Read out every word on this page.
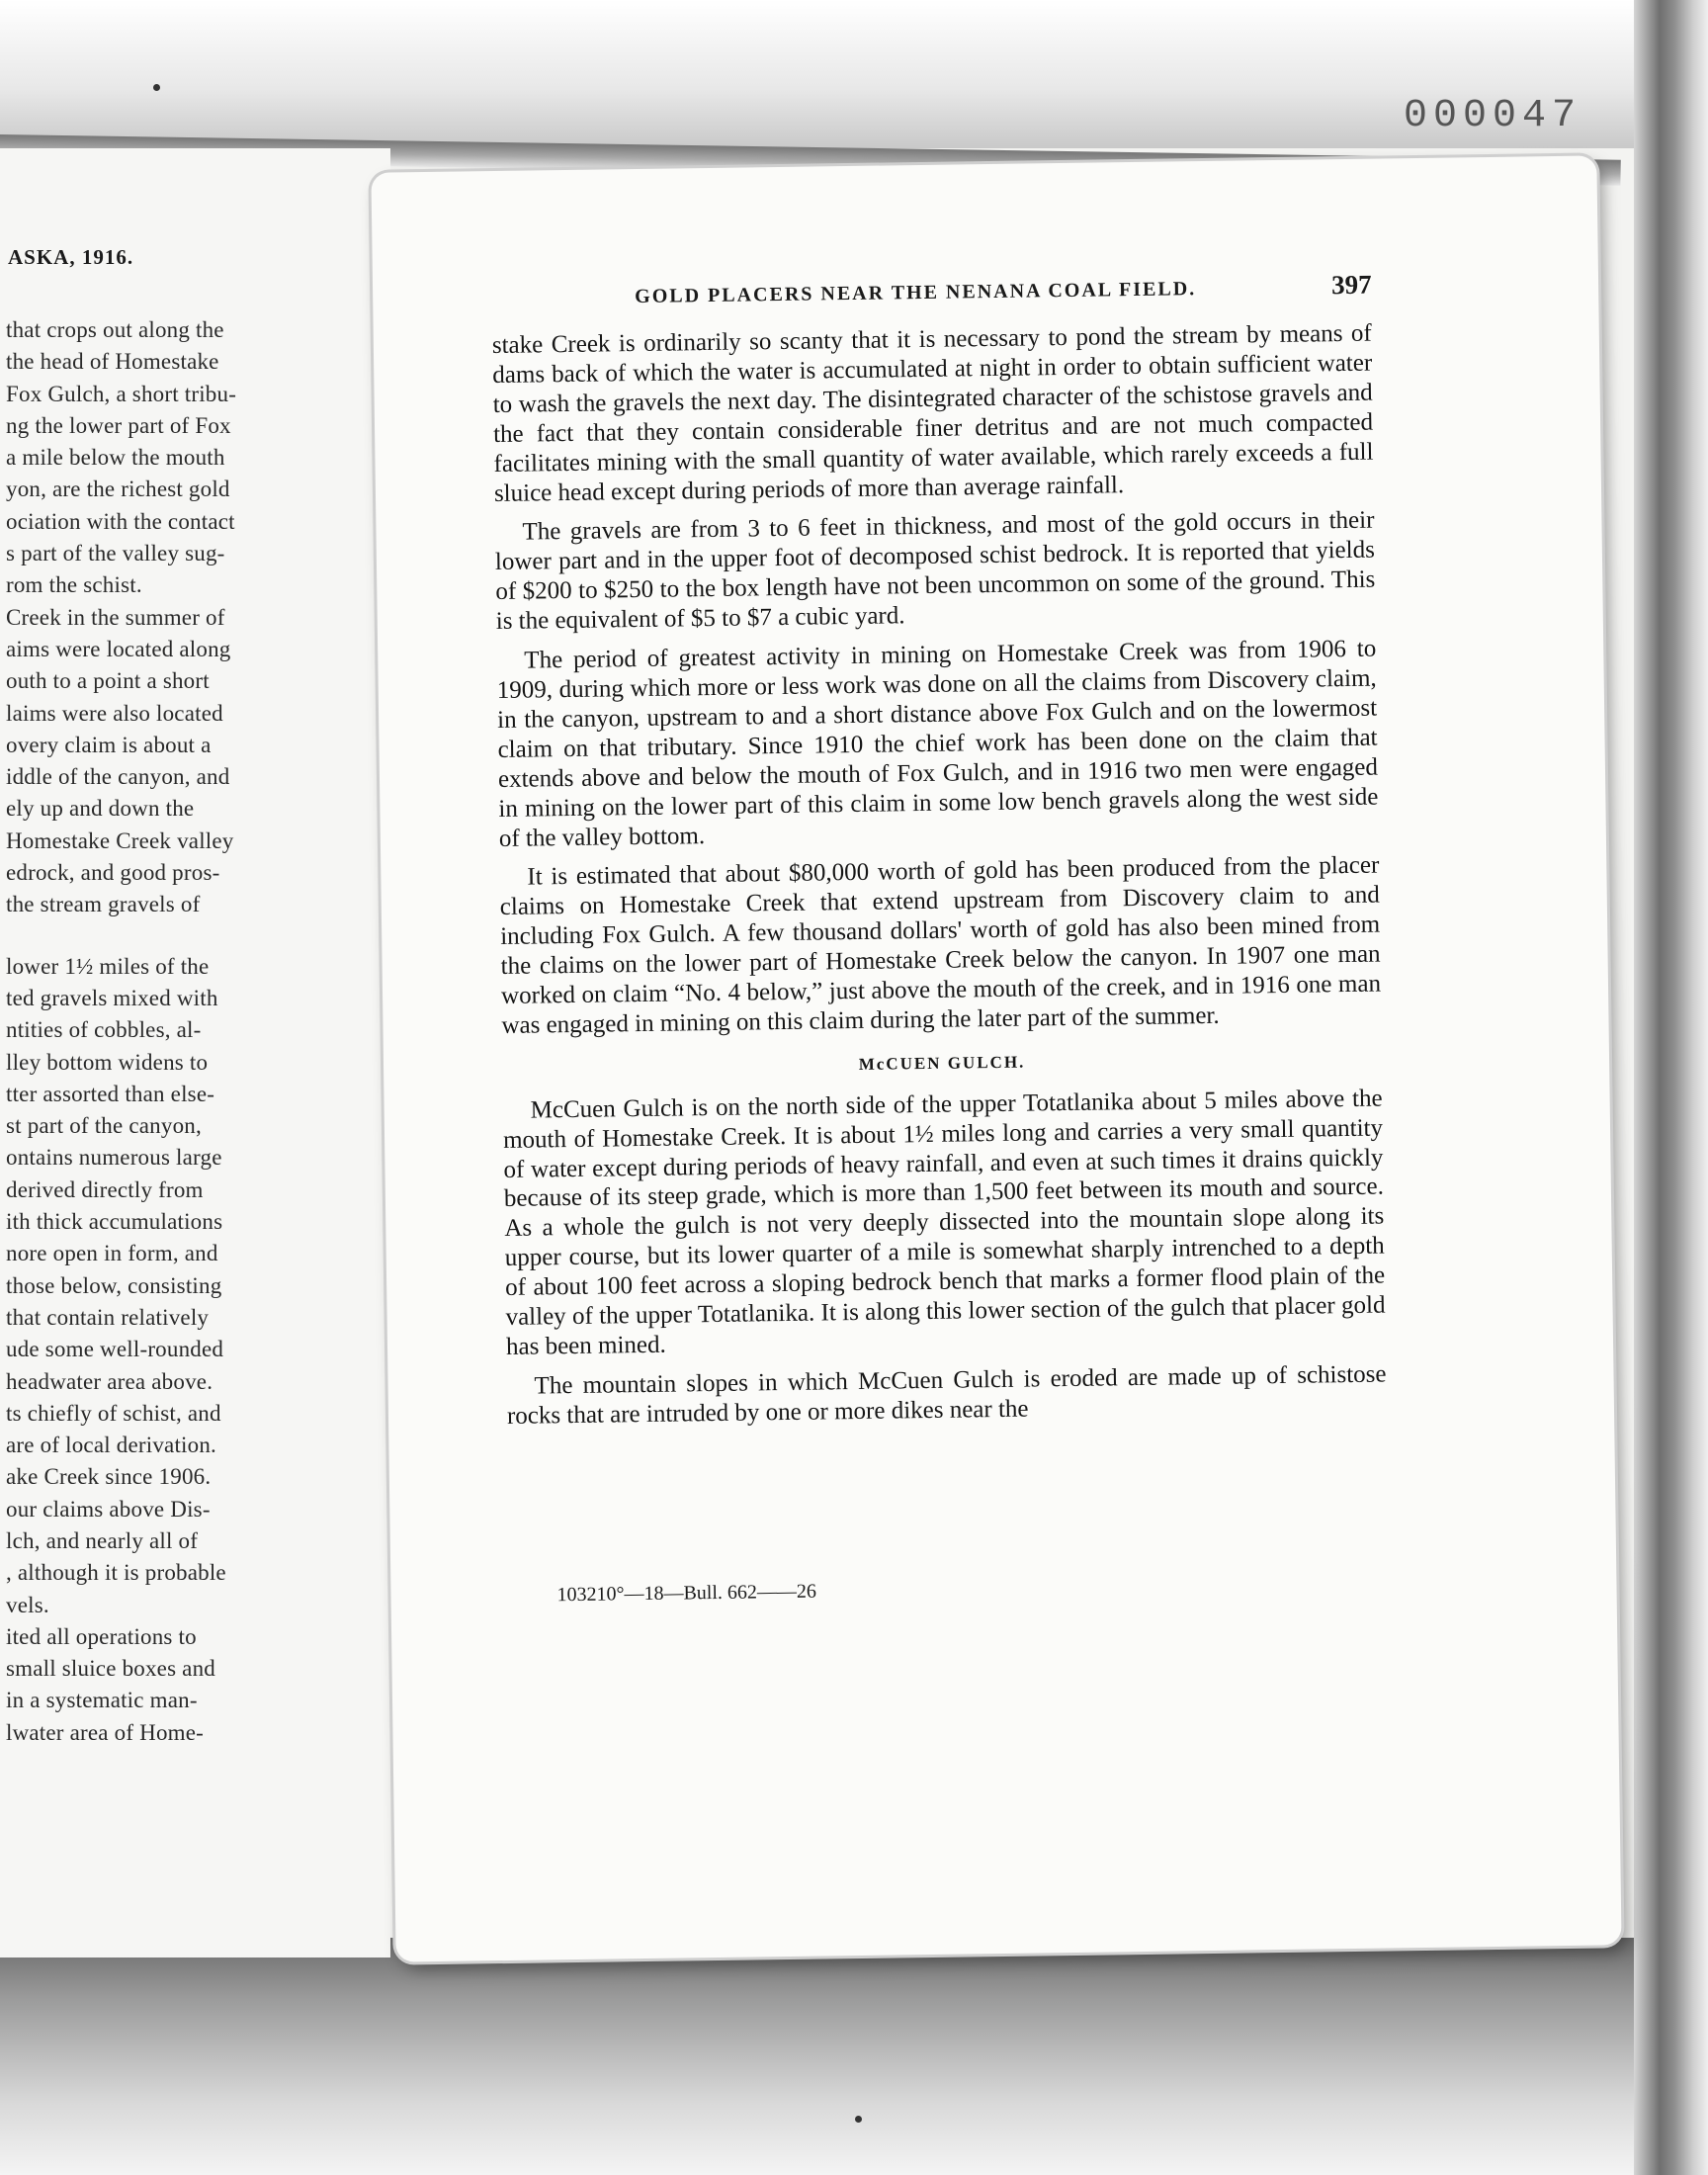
000047
ASKA, 1916.
that crops out along the
the head of Homestake
Fox Gulch, a short tribu-
ng the lower part of Fox
a mile below the mouth
yon, are the richest gold
ociation with the contact
s part of the valley sug-
rom the schist.
Creek in the summer of
aims were located along
outh to a point a short
laims were also located
overy claim is about a
iddle of the canyon, and
ely up and down the
Homestake Creek valley
edrock, and good pros-
the stream gravels of
lower 1½ miles of the
ted gravels mixed with
ntities of cobbles, al-
lley bottom widens to
tter assorted than else-
st part of the canyon,
ontains numerous large
derived directly from
ith thick accumulations
nore open in form, and
those below, consisting
that contain relatively
ude some well-rounded
headwater area above.
ts chiefly of schist, and
are of local derivation.
ake Creek since 1906.
our claims above Dis-
lch, and nearly all of
, although it is probable
vels.
ited all operations to
small sluice boxes and
in a systematic man-
lwater area of Home-
GOLD PLACERS NEAR THE NENANA COAL FIELD.	397

stake Creek is ordinarily so scanty that it is necessary to pond the stream by means of dams back of which the water is accumulated at night in order to obtain sufficient water to wash the gravels the next day. The disintegrated character of the schistose gravels and the fact that they contain considerable finer detritus and are not much compacted facilitates mining with the small quantity of water available, which rarely exceeds a full sluice head except during periods of more than average rainfall.

The gravels are from 3 to 6 feet in thickness, and most of the gold occurs in their lower part and in the upper foot of decomposed schist bedrock. It is reported that yields of $200 to $250 to the box length have not been uncommon on some of the ground. This is the equivalent of $5 to $7 a cubic yard.

The period of greatest activity in mining on Homestake Creek was from 1906 to 1909, during which more or less work was done on all the claims from Discovery claim, in the canyon, upstream to and a short distance above Fox Gulch and on the lowermost claim on that tributary. Since 1910 the chief work has been done on the claim that extends above and below the mouth of Fox Gulch, and in 1916 two men were engaged in mining on the lower part of this claim in some low bench gravels along the west side of the valley bottom.

It is estimated that about $80,000 worth of gold has been produced from the placer claims on Homestake Creek that extend upstream from Discovery claim to and including Fox Gulch. A few thousand dollars' worth of gold has also been mined from the claims on the lower part of Homestake Creek below the canyon. In 1907 one man worked on claim “No. 4 below,” just above the mouth of the creek, and in 1916 one man was engaged in mining on this claim during the later part of the summer.

McCUEN GULCH.

McCuen Gulch is on the north side of the upper Totatlanika about 5 miles above the mouth of Homestake Creek. It is about 1½ miles long and carries a very small quantity of water except during periods of heavy rainfall, and even at such times it drains quickly because of its steep grade, which is more than 1,500 feet between its mouth and source. As a whole the gulch is not very deeply dissected into the mountain slope along its upper course, but its lower quarter of a mile is somewhat sharply intrenched to a depth of about 100 feet across a sloping bedrock bench that marks a former flood plain of the valley of the upper Totatlanika. It is along this lower section of the gulch that placer gold has been mined.

The mountain slopes in which McCuen Gulch is eroded are made up of schistose rocks that are intruded by one or more dikes near the

103210°—18—Bull. 662——26
